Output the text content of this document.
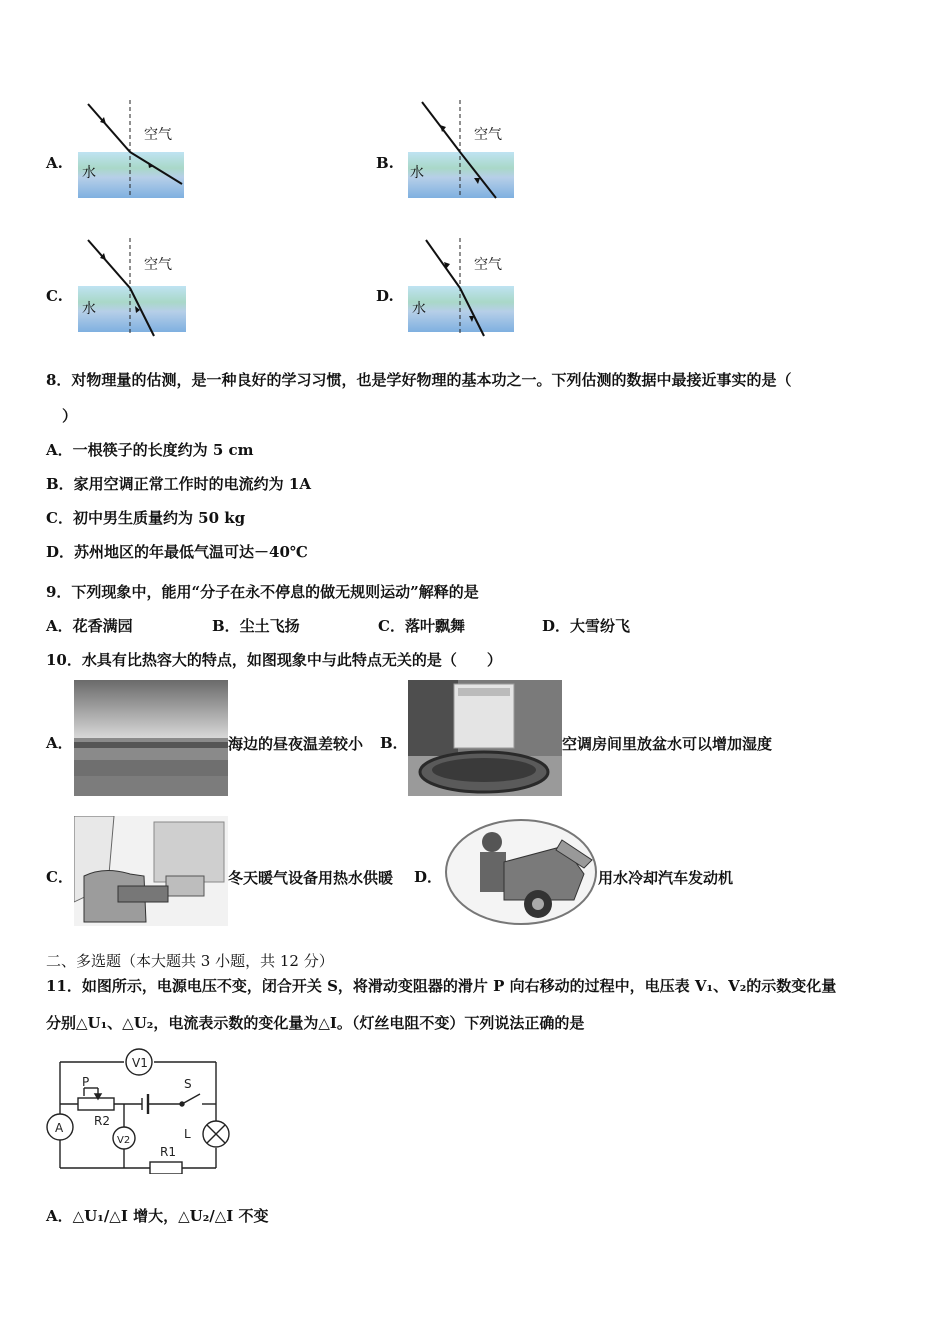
A.
空气
水
B.
空气
水
C.
空气
水
D.
空气
水
8．对物理量的估测，是一种良好的学习习惯，也是学好物理的基本功之一。下列估测的数据中最接近事实的是（
）
A．一根筷子的长度约为 5 cm
B．家用空调正常工作时的电流约为 1A
C．初中男生质量约为 50 kg
D．苏州地区的年最低气温可达－40℃
9．下列现象中，能用“分子在永不停息的做无规则运动”解释的是
A．花香满园	B．尘土飞扬	C．落叶飘舞	D．大雪纷飞
10．水具有比热容大的特点，如图现象中与此特点无关的是（　　）
A．	海边的昼夜温差较小 B．	空调房间里放盆水可以增加湿度
C．	冬天暖气设备用热水供暖 D．	用水冷却汽车发动机
二、多选题（本大题共 3 小题，共 12 分）
11．如图所示，电源电压不变，闭合开关 S，将滑动变阻器的滑片 P 向右移动的过程中，电压表 V₁、V₂的示数变化量
分别△U₁、△U₂，电流表示数的变化量为△I。（灯丝电阻不变）下列说法正确的是
V1
A
V2
P
R2
R1
S
L
A．△U₁/△I 增大，△U₂/△I 不变
